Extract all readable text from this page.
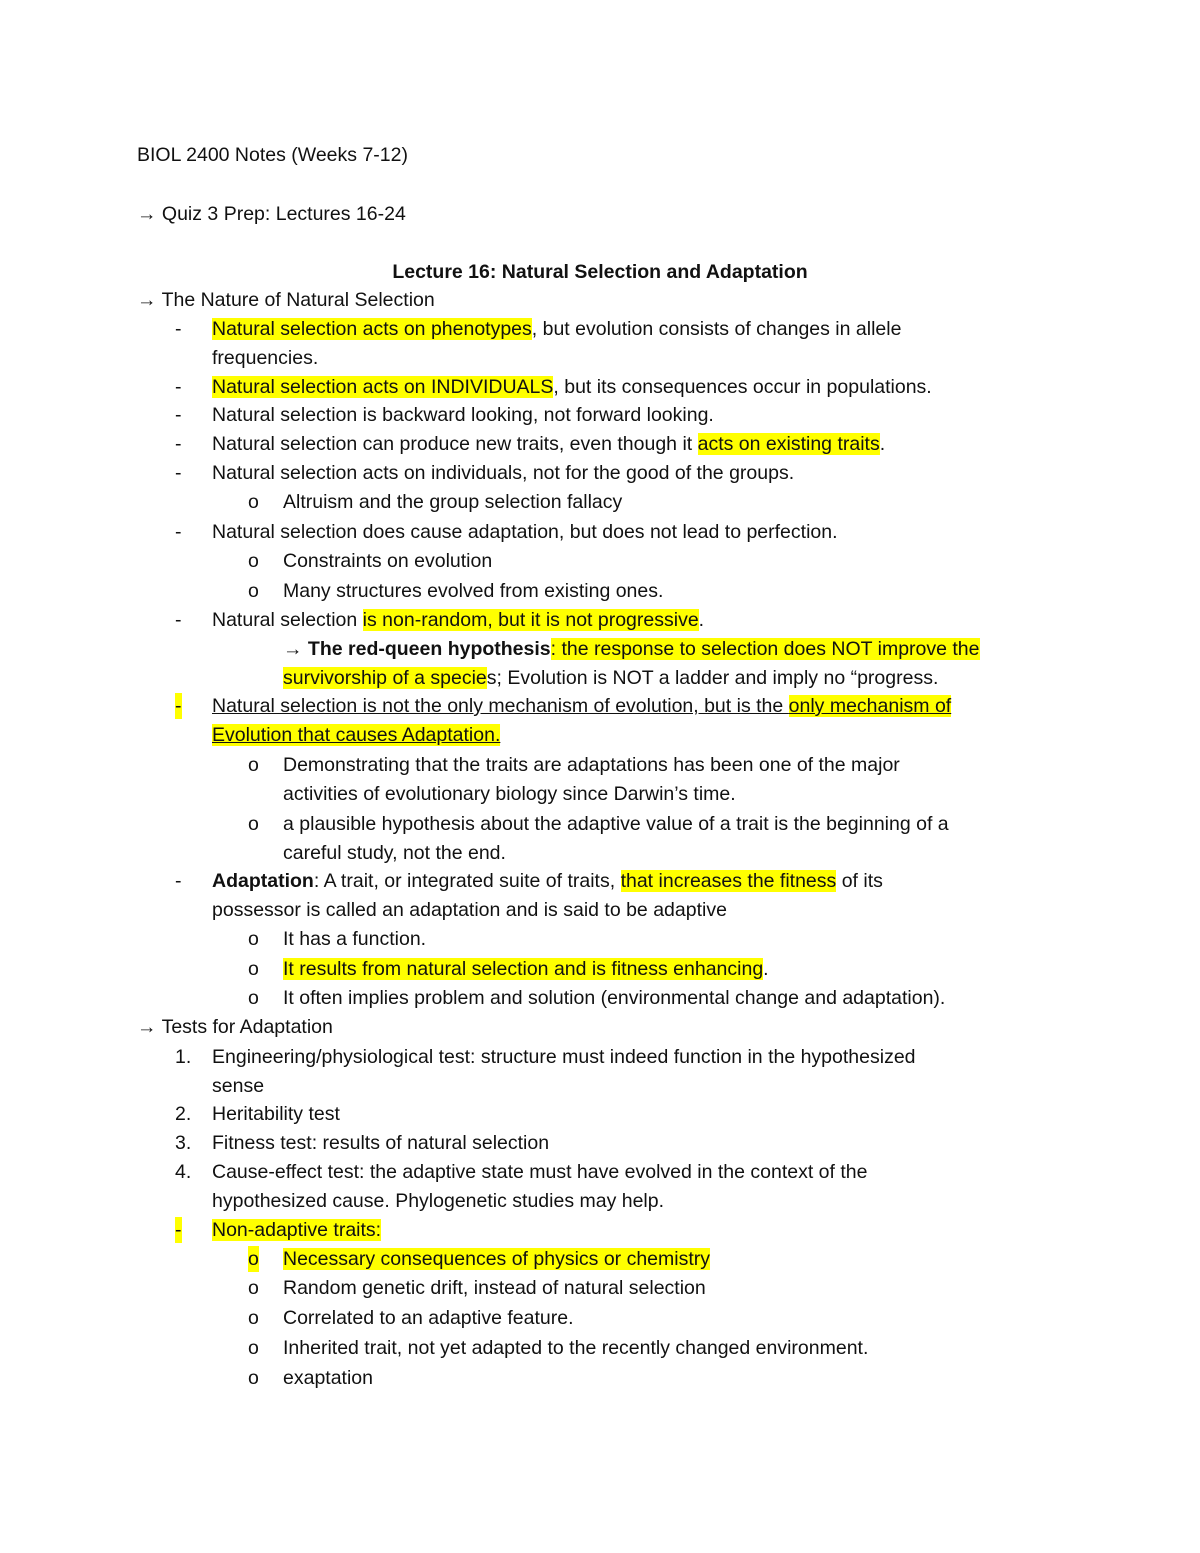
BIOL 2400 Notes (Weeks 7-12)
→ Quiz 3 Prep: Lectures 16-24
Lecture 16: Natural Selection and Adaptation
→ The Nature of Natural Selection
- Natural selection acts on phenotypes, but evolution consists of changes in allele
frequencies.
- Natural selection acts on INDIVIDUALS, but its consequences occur in populations.
- Natural selection is backward looking, not forward looking.
- Natural selection can produce new traits, even though it acts on existing traits.
- Natural selection acts on individuals, not for the good of the groups.
o Altruism and the group selection fallacy
- Natural selection does cause adaptation, but does not lead to perfection.
o Constraints on evolution
o Many structures evolved from existing ones.
- Natural selection is non-random, but it is not progressive.
→ The red-queen hypothesis: the response to selection does NOT improve the
survivorship of a species; Evolution is NOT a ladder and imply no “progress.
- Natural selection is not the only mechanism of evolution, but is the only mechanism of
Evolution that causes Adaptation.
o Demonstrating that the traits are adaptations has been one of the major
activities of evolutionary biology since Darwin’s time.
o a plausible hypothesis about the adaptive value of a trait is the beginning of a
careful study, not the end.
- Adaptation: A trait, or integrated suite of traits, that increases the fitness of its
possessor is called an adaptation and is said to be adaptive
o It has a function.
o It results from natural selection and is fitness enhancing.
o It often implies problem and solution (environmental change and adaptation).
→ Tests for Adaptation
1. Engineering/physiological test: structure must indeed function in the hypothesized
sense
2. Heritability test
3. Fitness test: results of natural selection
4. Cause-effect test: the adaptive state must have evolved in the context of the
hypothesized cause. Phylogenetic studies may help.
- Non-adaptive traits:
o Necessary consequences of physics or chemistry
o Random genetic drift, instead of natural selection
o Correlated to an adaptive feature.
o Inherited trait, not yet adapted to the recently changed environment.
o exaptation
